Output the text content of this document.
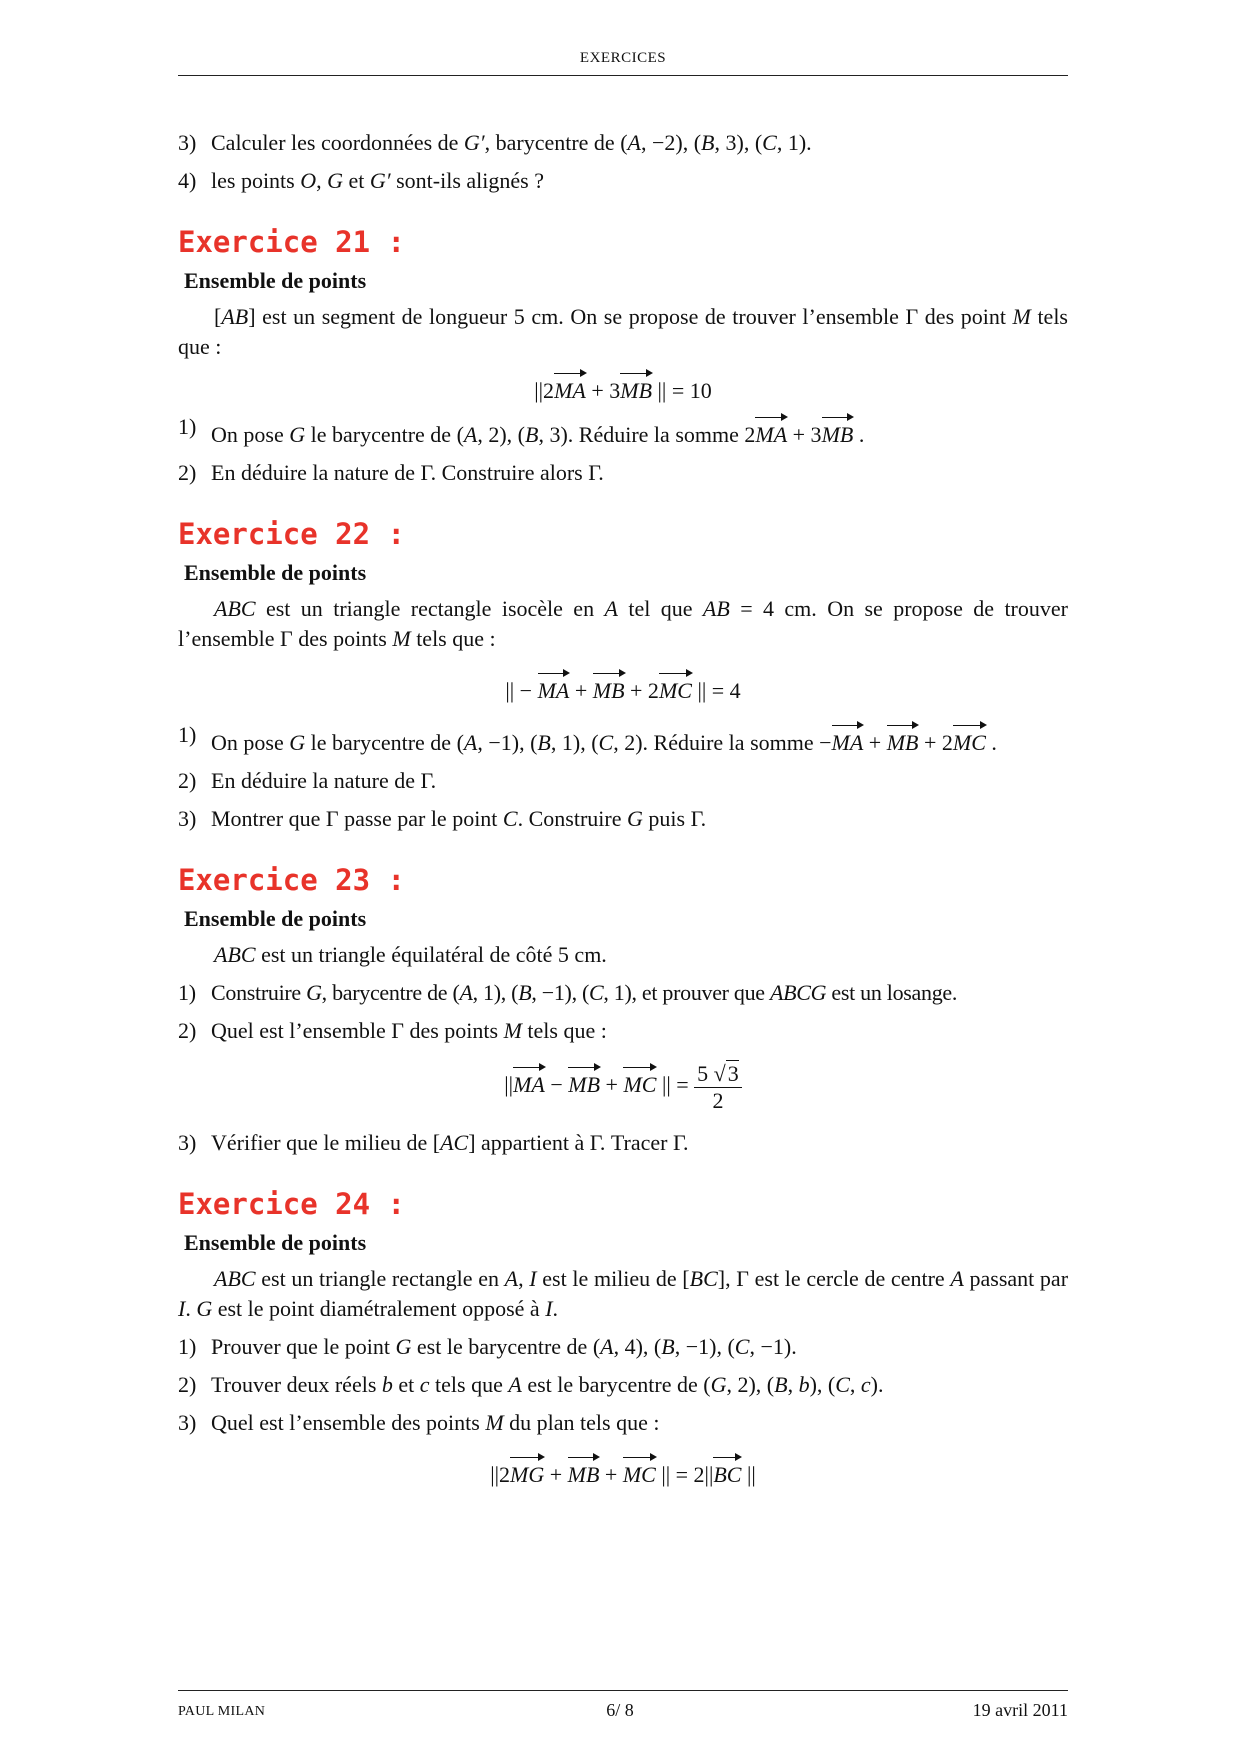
EXERCICES

3) Calculer les coordonnées de G′, barycentre de (A, −2), (B, 3), (C, 1).

4) les points O, G et G′ sont-ils alignés ?

Exercice 21 :
Ensemble de points

[AB] est un segment de longueur 5 cm. On se propose de trouver l’ensemble Γ des point M tels que :

||2MA + 3MB || = 10

1) On pose G le barycentre de (A, 2), (B, 3). Réduire la somme 2MA + 3MB .

2) En déduire la nature de Γ. Construire alors Γ.

Exercice 22 :
Ensemble de points

ABC est un triangle rectangle isocèle en A tel que AB = 4 cm. On se propose de trouver l’ensemble Γ des points M tels que :

|| − MA + MB + 2MC || = 4

1) On pose G le barycentre de (A, −1), (B, 1), (C, 2). Réduire la somme −MA + MB + 2MC .

2) En déduire la nature de Γ.

3) Montrer que Γ passe par le point C. Construire G puis Γ.

Exercice 23 :
Ensemble de points

ABC est un triangle équilatéral de côté 5 cm.

1) Construire G, barycentre de (A, 1), (B, −1), (C, 1), et prouver que ABCG est un losange.

2) Quel est l’ensemble Γ des points M tels que :

||MA − MB + MC || = $\frac{5 √3}{2}$

3) Vérifier que le milieu de [AC] appartient à Γ. Tracer Γ.

Exercice 24 :
Ensemble de points

ABC est un triangle rectangle en A, I est le milieu de [BC], Γ est le cercle de centre A passant par I. G est le point diamétralement opposé à I.

1) Prouver que le point G est le barycentre de (A, 4), (B, −1), (C, −1).

2) Trouver deux réels b et c tels que A est le barycentre de (G, 2), (B, b), (C, c).

3) Quel est l’ensemble des points M du plan tels que :

||2MG + MB + MC || = 2||BC ||
PAUL MILAN	6/ 8	19 avril 2011
